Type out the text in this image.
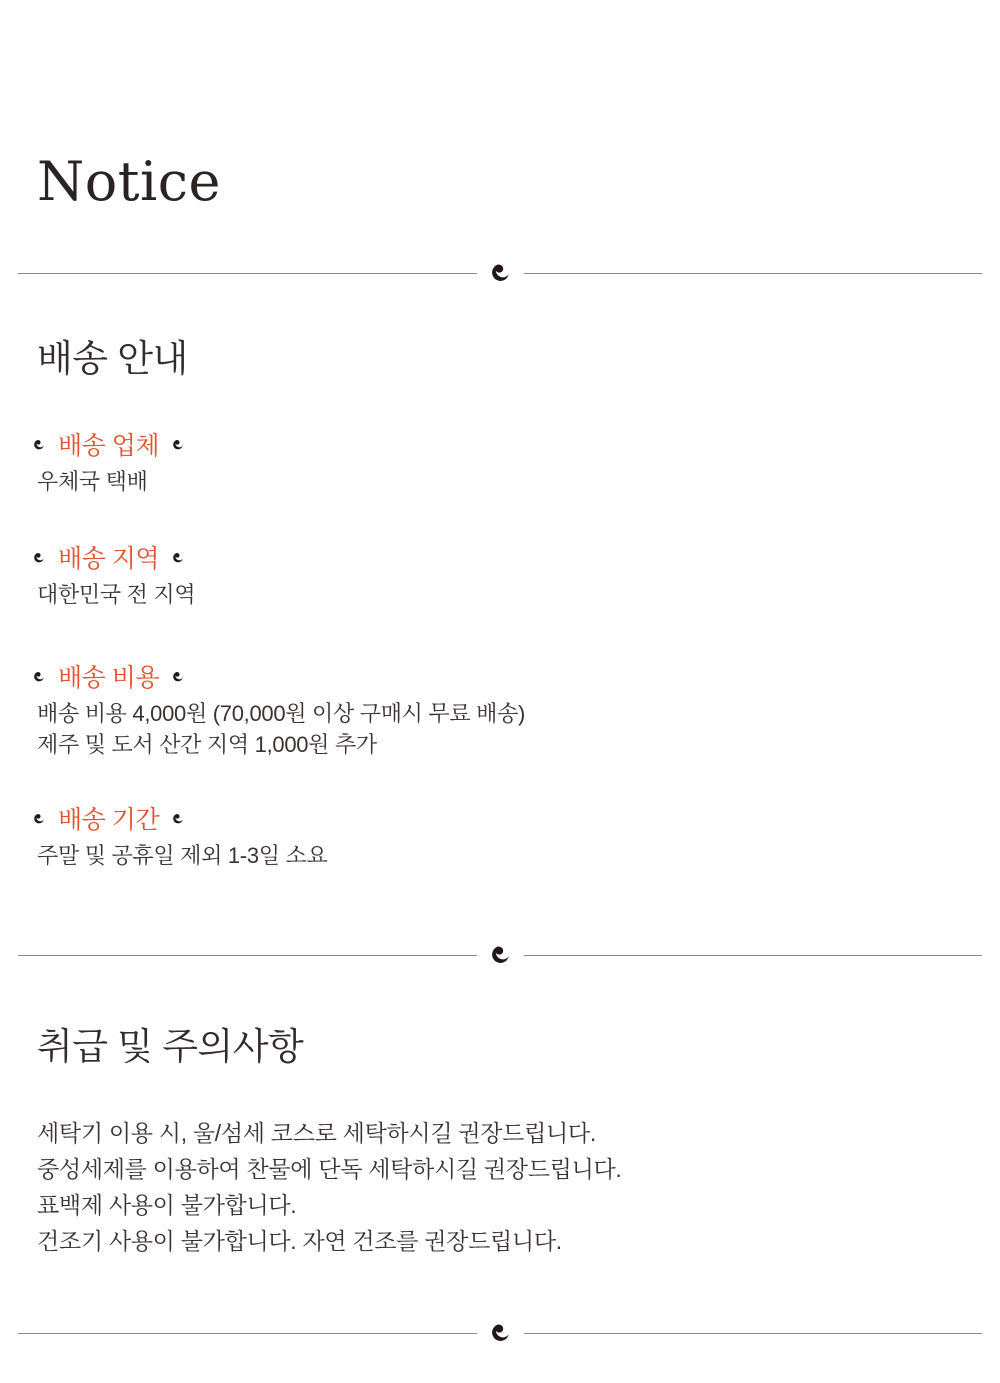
Notice
배송 안내
배송 업체
우체국 택배
배송 지역
대한민국 전 지역
배송 비용
배송 비용 4,000원 (70,000원 이상 구매시 무료 배송)
제주 및 도서 산간 지역 1,000원 추가
배송 기간
주말 및 공휴일 제외 1-3일 소요
취급 및 주의사항
세탁기 이용 시, 울/섬세 코스로 세탁하시길 권장드립니다.
중성세제를 이용하여 찬물에 단독 세탁하시길 권장드립니다.
표백제 사용이 불가합니다.
건조기 사용이 불가합니다. 자연 건조를 권장드립니다.
